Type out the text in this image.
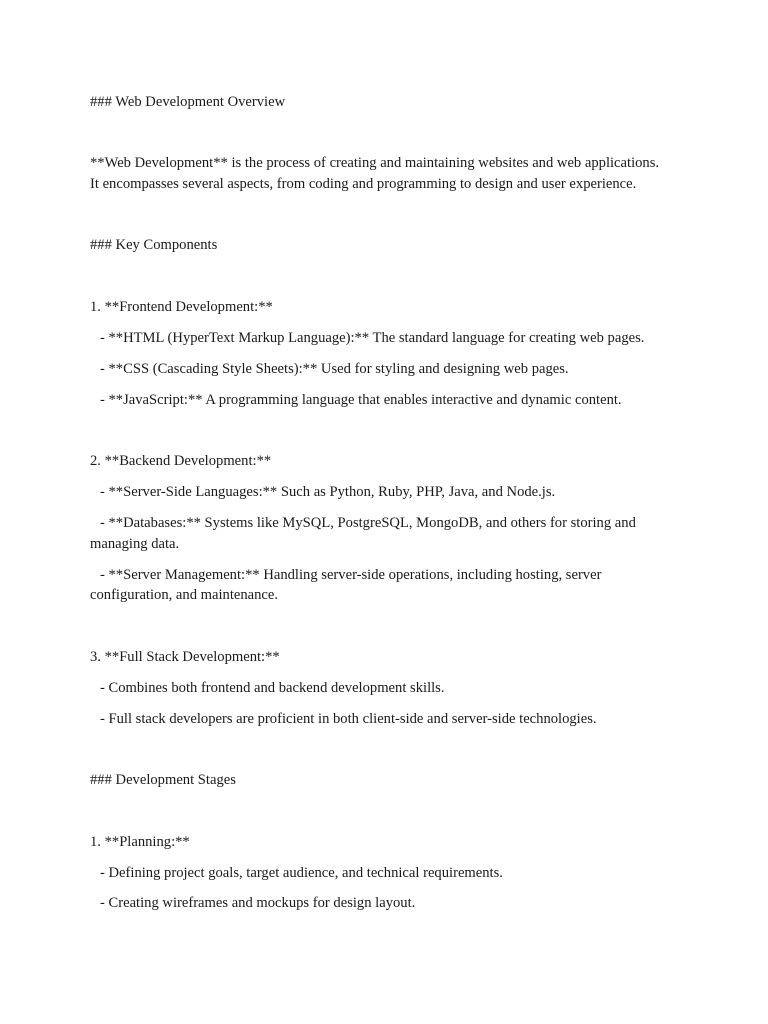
### Web Development Overview
**Web Development** is the process of creating and maintaining websites and web applications.
It encompasses several aspects, from coding and programming to design and user experience.
### Key Components
1. **Frontend Development:**
- **HTML (HyperText Markup Language):** The standard language for creating web pages.
- **CSS (Cascading Style Sheets):** Used for styling and designing web pages.
- **JavaScript:** A programming language that enables interactive and dynamic content.
2. **Backend Development:**
- **Server-Side Languages:** Such as Python, Ruby, PHP, Java, and Node.js.
- **Databases:** Systems like MySQL, PostgreSQL, MongoDB, and others for storing and
managing data.
- **Server Management:** Handling server-side operations, including hosting, server
configuration, and maintenance.
3. **Full Stack Development:**
- Combines both frontend and backend development skills.
- Full stack developers are proficient in both client-side and server-side technologies.
### Development Stages
1. **Planning:**
- Defining project goals, target audience, and technical requirements.
- Creating wireframes and mockups for design layout.
